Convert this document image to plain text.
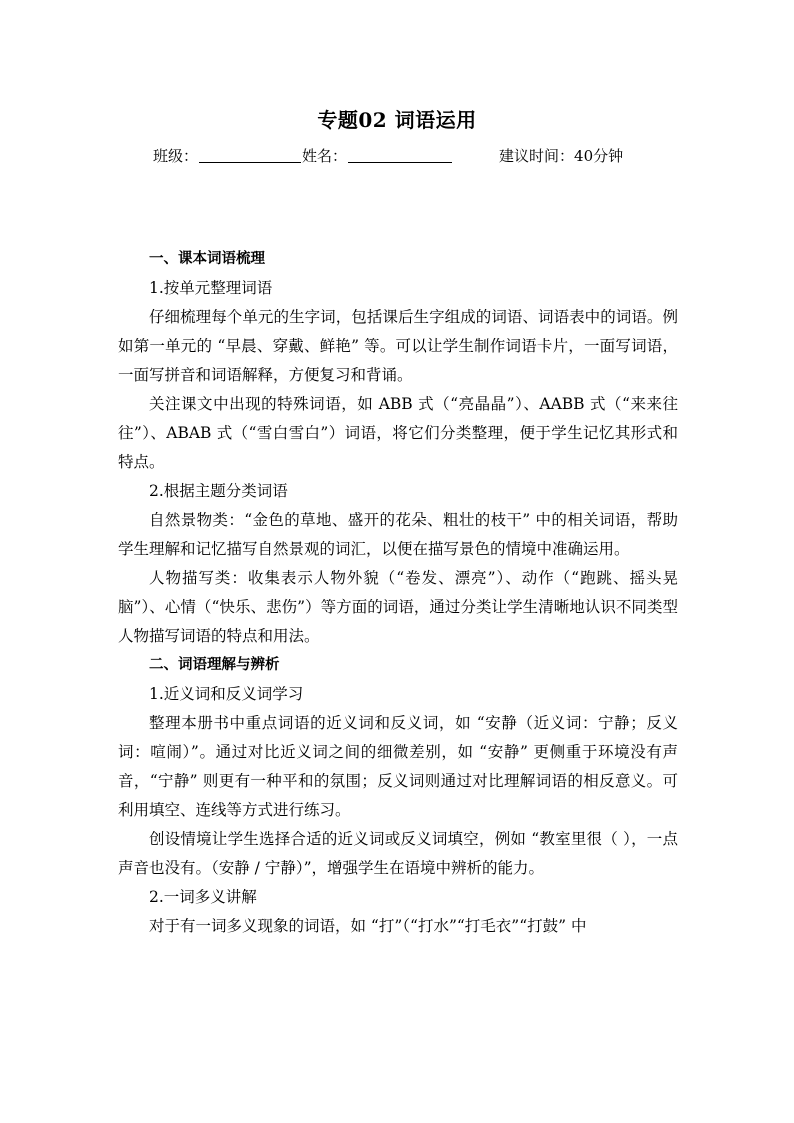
专题02 词语运用
班级：	姓名：	建议时间：40分钟

一、课本词语梳理

1.按单元整理词语

仔细梳理每个单元的生字词，包括课后生字组成的词语、词语表中的词语。例如第一单元的 “早晨、穿戴、鲜艳” 等。可以让学生制作词语卡片，一面写词语，一面写拼音和词语解释，方便复习和背诵。

关注课文中出现的特殊词语，如 ABB 式（“亮晶晶”）、AABB 式（“来来往往”）、ABAB 式（“雪白雪白”）词语，将它们分类整理，便于学生记忆其形式和特点。

2.根据主题分类词语

自然景物类：“金色的草地、盛开的花朵、粗壮的枝干” 中的相关词语，帮助学生理解和记忆描写自然景观的词汇，以便在描写景色的情境中准确运用。

人物描写类：收集表示人物外貌（“卷发、漂亮”）、动作（“跑跳、摇头晃脑”）、心情（“快乐、悲伤”）等方面的词语，通过分类让学生清晰地认识不同类型人物描写词语的特点和用法。

二、词语理解与辨析

1.近义词和反义词学习

整理本册书中重点词语的近义词和反义词，如 “安静（近义词：宁静；反义词：喧闹）”。通过对比近义词之间的细微差别，如 “安静” 更侧重于环境没有声音，“宁静” 则更有一种平和的氛围；反义词则通过对比理解词语的相反意义。可利用填空、连线等方式进行练习。

创设情境让学生选择合适的近义词或反义词填空，例如 “教室里很（ ），一点声音也没有。（安静 / 宁静）”，增强学生在语境中辨析的能力。

2.一词多义讲解

对于有一词多义现象的词语，如 “打”（“打水”“打毛衣”“打鼓” 中
